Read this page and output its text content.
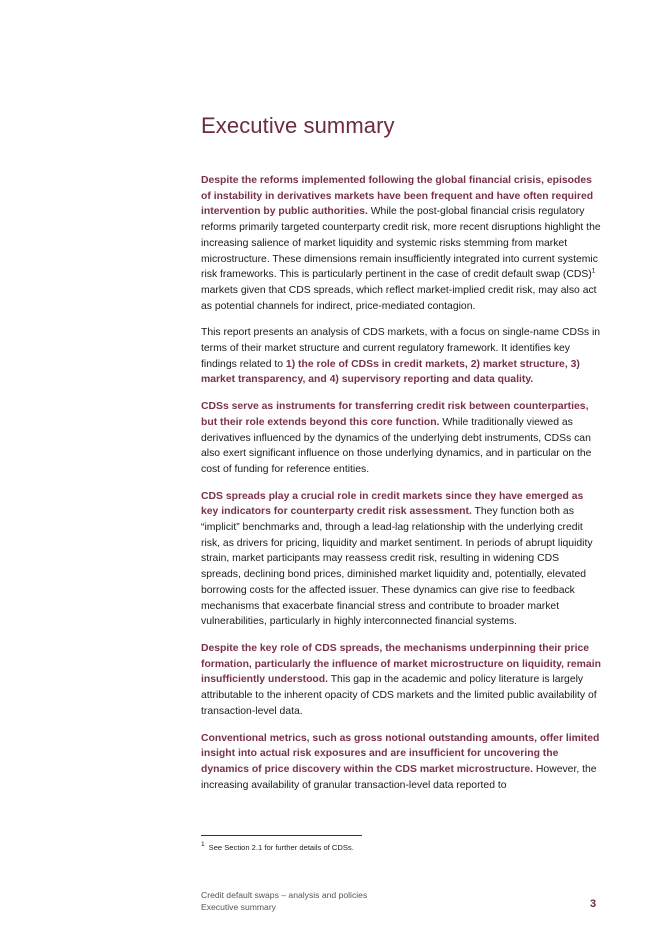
Executive summary

Despite the reforms implemented following the global financial crisis, episodes of instability in derivatives markets have been frequent and have often required intervention by public authorities. While the post-global financial crisis regulatory reforms primarily targeted counterparty credit risk, more recent disruptions highlight the increasing salience of market liquidity and systemic risks stemming from market microstructure. These dimensions remain insufficiently integrated into current systemic risk frameworks. This is particularly pertinent in the case of credit default swap (CDS)$^1$ markets given that CDS spreads, which reflect market-implied credit risk, may also act as potential channels for indirect, price-mediated contagion.

This report presents an analysis of CDS markets, with a focus on single-name CDSs in terms of their market structure and current regulatory framework. It identifies key findings related to 1) the role of CDSs in credit markets, 2) market structure, 3) market transparency, and 4) supervisory reporting and data quality.

CDSs serve as instruments for transferring credit risk between counterparties, but their role extends beyond this core function. While traditionally viewed as derivatives influenced by the dynamics of the underlying debt instruments, CDSs can also exert significant influence on those underlying dynamics, and in particular on the cost of funding for reference entities.

CDS spreads play a crucial role in credit markets since they have emerged as key indicators for counterparty credit risk assessment. They function both as “implicit” benchmarks and, through a lead-lag relationship with the underlying credit risk, as drivers for pricing, liquidity and market sentiment. In periods of abrupt liquidity strain, market participants may reassess credit risk, resulting in widening CDS spreads, declining bond prices, diminished market liquidity and, potentially, elevated borrowing costs for the affected issuer. These dynamics can give rise to feedback mechanisms that exacerbate financial stress and contribute to broader market vulnerabilities, particularly in highly interconnected financial systems.

Despite the key role of CDS spreads, the mechanisms underpinning their price formation, particularly the influence of market microstructure on liquidity, remain insufficiently understood. This gap in the academic and policy literature is largely attributable to the inherent opacity of CDS markets and the limited public availability of transaction-level data.

Conventional metrics, such as gross notional outstanding amounts, offer limited insight into actual risk exposures and are insufficient for uncovering the dynamics of price discovery within the CDS market microstructure. However, the increasing availability of granular transaction-level data reported to

$^1$ See Section 2.1 for further details of CDSs.
Credit default swaps – analysis and policies
Executive summary	3
